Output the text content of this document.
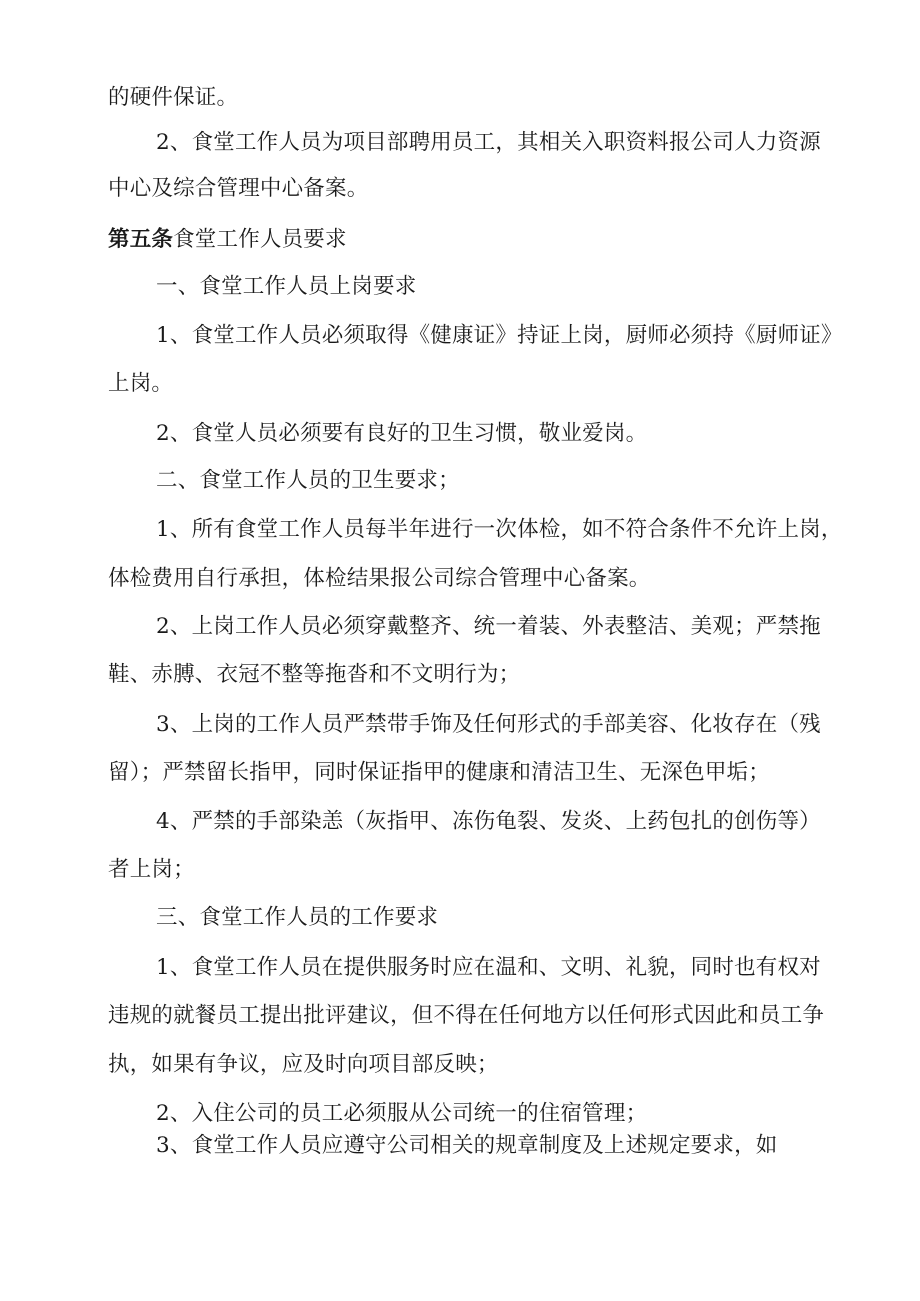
的硬件保证。
2、食堂工作人员为项目部聘用员工，其相关入职资料报公司人力资源
中心及综合管理中心备案。
第五条食堂工作人员要求
一、食堂工作人员上岗要求
1、食堂工作人员必须取得《健康证》持证上岗，厨师必须持《厨师证》
上岗。
2、食堂人员必须要有良好的卫生习惯，敬业爱岗。
二、食堂工作人员的卫生要求；
1、所有食堂工作人员每半年进行一次体检，如不符合条件不允许上岗，
体检费用自行承担，体检结果报公司综合管理中心备案。
2、上岗工作人员必须穿戴整齐、统一着装、外表整洁、美观；严禁拖
鞋、赤膊、衣冠不整等拖沓和不文明行为；
3、上岗的工作人员严禁带手饰及任何形式的手部美容、化妆存在（残
留）；严禁留长指甲，同时保证指甲的健康和清洁卫生、无深色甲垢；
4、严禁的手部染恙（灰指甲、冻伤龟裂、发炎、上药包扎的创伤等）
者上岗；
三、食堂工作人员的工作要求
1、食堂工作人员在提供服务时应在温和、文明、礼貌，同时也有权对
违规的就餐员工提出批评建议，但不得在任何地方以任何形式因此和员工争
执，如果有争议，应及时向项目部反映；
2、入住公司的员工必须服从公司统一的住宿管理；
3、食堂工作人员应遵守公司相关的规章制度及上述规定要求，如
